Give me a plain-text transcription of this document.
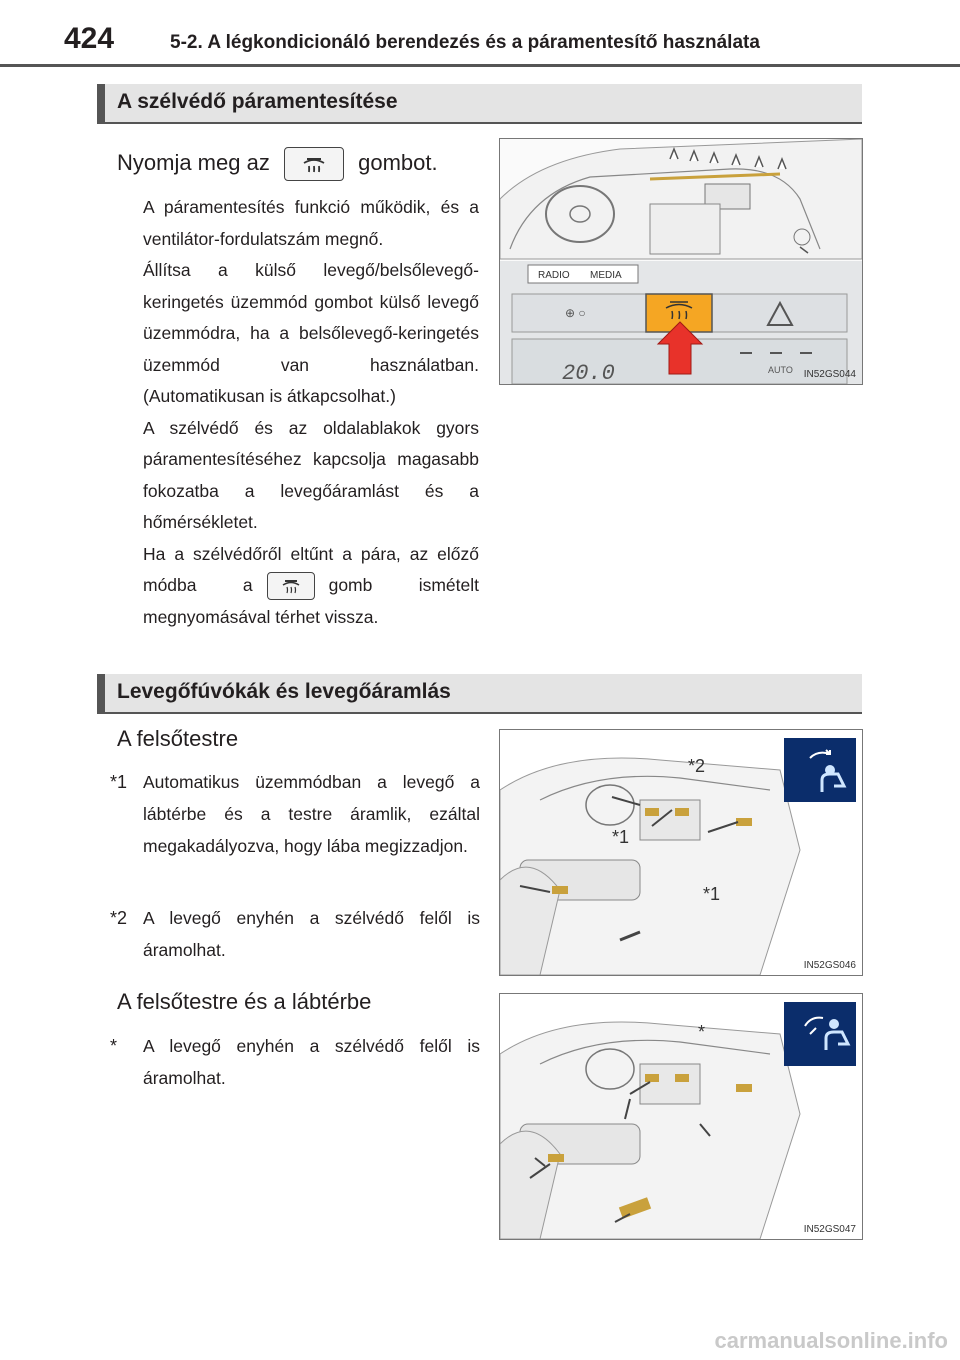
424	5-2. A légkondicionáló berendezés és a páramentesítő használata
A szélvédő páramentesítése
Nyomja meg az	gombot.

A páramentesítés funkció működik, és a ventilátor-fordulatszám megnő.

Állítsa a külső levegő/belsőlevegő-keringetés üzemmód gombot külső levegő üzemmódra, ha a belsőlevegő-keringetés üzemmód van használatban. (Automatikusan is átkapcsolhat.)

A szélvédő és az oldalablakok gyors páramentesítéséhez kapcsolja magasabb fokozatba a levegőáramlást és a hőmérsékletet.

Ha a szélvédőről eltűnt a pára, az előző módba a	gomb ismételt megnyomásával térhet vissza.

RADIO MEDIA
⊕ ○
20.0	AUTO IN52GS044
Levegőfúvókák és levegőáramlás
A felsőtestre
*1 Automatikus üzemmódban a levegő a lábtérbe és a testre áramlik, ezáltal megakadályozva, hogy lába megizzadjon.
*2 A levegő enyhén a szélvédő felől is áramolhat.
*2
*1
*1
IN52GS046
A felsőtestre és a lábtérbe
* A levegő enyhén a szélvédő felől is áramolhat.
*
IN52GS047
carmanualsonline.info
